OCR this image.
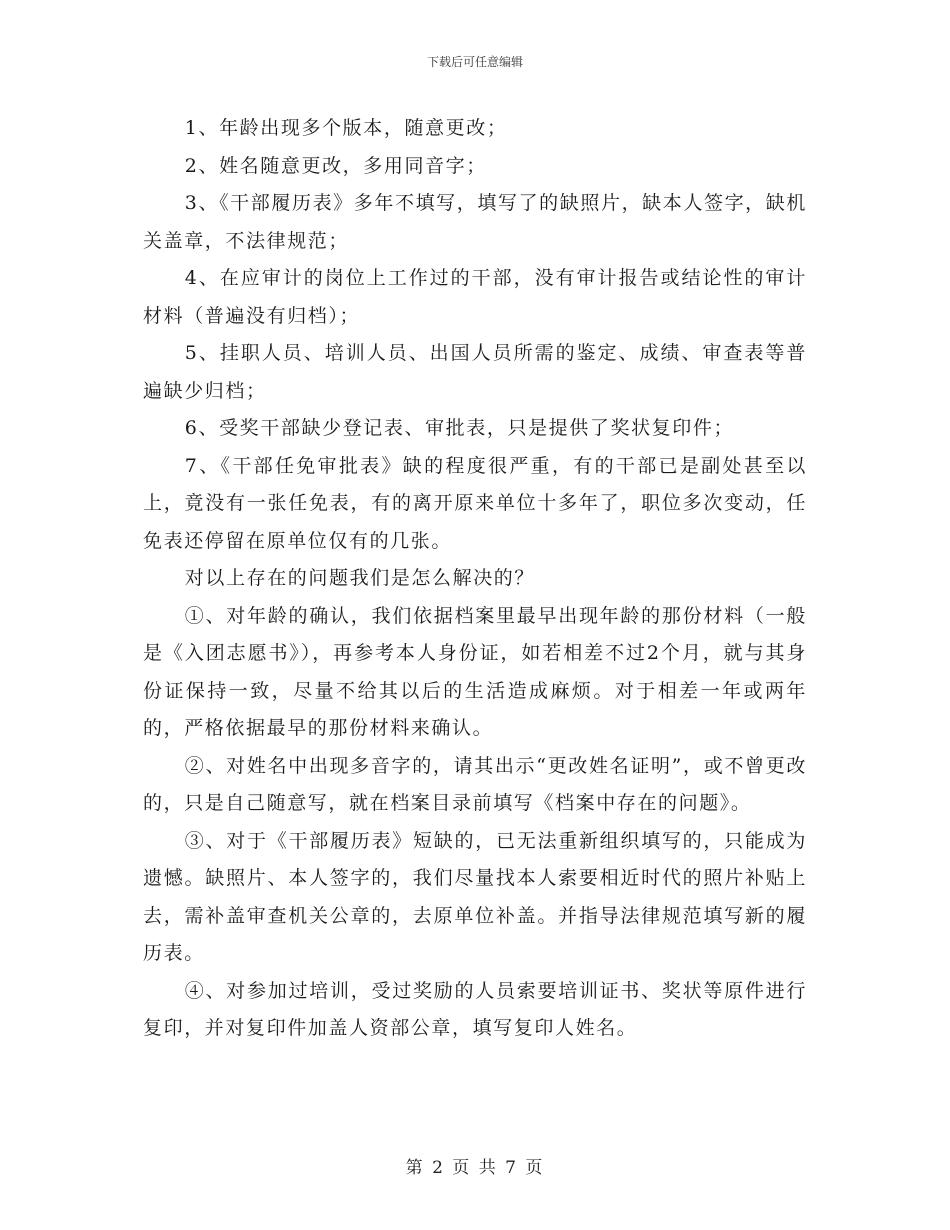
下载后可任意编辑

1、年龄出现多个版本，随意更改；

2、姓名随意更改，多用同音字；

3、《干部履历表》多年不填写，填写了的缺照片，缺本人签字，缺机关盖章，不法律规范；

4、在应审计的岗位上工作过的干部，没有审计报告或结论性的审计材料（普遍没有归档）；

5、挂职人员、培训人员、出国人员所需的鉴定、成绩、审查表等普遍缺少归档；

6、受奖干部缺少登记表、审批表，只是提供了奖状复印件；

7、《干部任免审批表》缺的程度很严重，有的干部已是副处甚至以上，竟没有一张任免表，有的离开原来单位十多年了，职位多次变动，任免表还停留在原单位仅有的几张。

对以上存在的问题我们是怎么解决的？

①、对年龄的确认，我们依据档案里最早出现年龄的那份材料（一般是《入团志愿书》），再参考本人身份证，如若相差不过2个月，就与其身份证保持一致，尽量不给其以后的生活造成麻烦。对于相差一年或两年的，严格依据最早的那份材料来确认。

②、对姓名中出现多音字的，请其出示“更改姓名证明”，或不曾更改的，只是自己随意写，就在档案目录前填写《档案中存在的问题》。

③、对于《干部履历表》短缺的，已无法重新组织填写的，只能成为遗憾。缺照片、本人签字的，我们尽量找本人索要相近时代的照片补贴上去，需补盖审查机关公章的，去原单位补盖。并指导法律规范填写新的履历表。

④、对参加过培训，受过奖励的人员索要培训证书、奖状等原件进行复印，并对复印件加盖人资部公章，填写复印人姓名。

第 2 页 共 7 页
